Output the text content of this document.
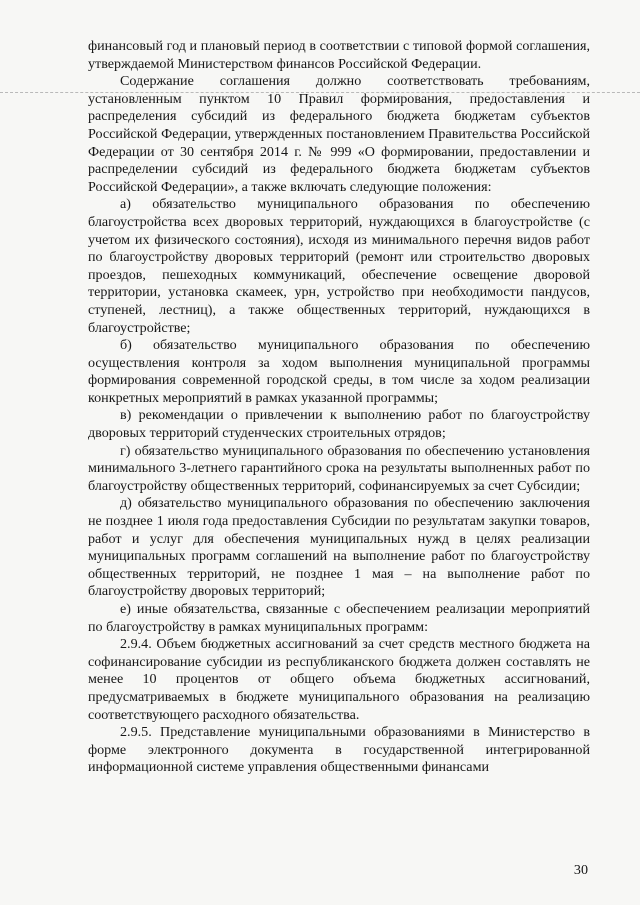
финансовый год и плановый период в соответствии с типовой формой соглашения, утверждаемой Министерством финансов Российской Федерации.

Содержание соглашения должно соответствовать требованиям, установленным пунктом 10 Правил формирования, предоставления и распределения субсидий из федерального бюджета бюджетам субъектов Российской Федерации, утвержденных постановлением Правительства Российской Федерации от 30 сентября 2014 г. № 999 «О формировании, предоставлении и распределении субсидий из федерального бюджета бюджетам субъектов Российской Федерации», а также включать следующие положения:

а) обязательство муниципального образования по обеспечению благоустройства всех дворовых территорий, нуждающихся в благоустройстве (с учетом их физического состояния), исходя из минимального перечня видов работ по благоустройству дворовых территорий (ремонт или строительство дворовых проездов, пешеходных коммуникаций, обеспечение освещение дворовой территории, установка скамеек, урн, устройство при необходимости пандусов, ступеней, лестниц), а также общественных территорий, нуждающихся в благоустройстве;

б) обязательство муниципального образования по обеспечению осуществления контроля за ходом выполнения муниципальной программы формирования современной городской среды, в том числе за ходом реализации конкретных мероприятий в рамках указанной программы;

в) рекомендации о привлечении к выполнению работ по благоустройству дворовых территорий студенческих строительных отрядов;

г) обязательство муниципального образования по обеспечению установления минимального 3-летнего гарантийного срока на результаты выполненных работ по благоустройству общественных территорий, софинансируемых за счет Субсидии;

д) обязательство муниципального образования по обеспечению заключения не позднее 1 июля года предоставления Субсидии по результатам закупки товаров, работ и услуг для обеспечения муниципальных нужд в целях реализации муниципальных программ соглашений на выполнение работ по благоустройству общественных территорий, не позднее 1 мая – на выполнение работ по благоустройству дворовых территорий;

е) иные обязательства, связанные с обеспечением реализации мероприятий по благоустройству в рамках муниципальных программ:

2.9.4. Объем бюджетных ассигнований за счет средств местного бюджета на софинансирование субсидии из республиканского бюджета должен составлять не менее 10 процентов от общего объема бюджетных ассигнований, предусматриваемых в бюджете муниципального образования на реализацию соответствующего расходного обязательства.

2.9.5. Представление муниципальными образованиями в Министерство в форме электронного документа в государственной интегрированной информационной системе управления общественными финансами

30
